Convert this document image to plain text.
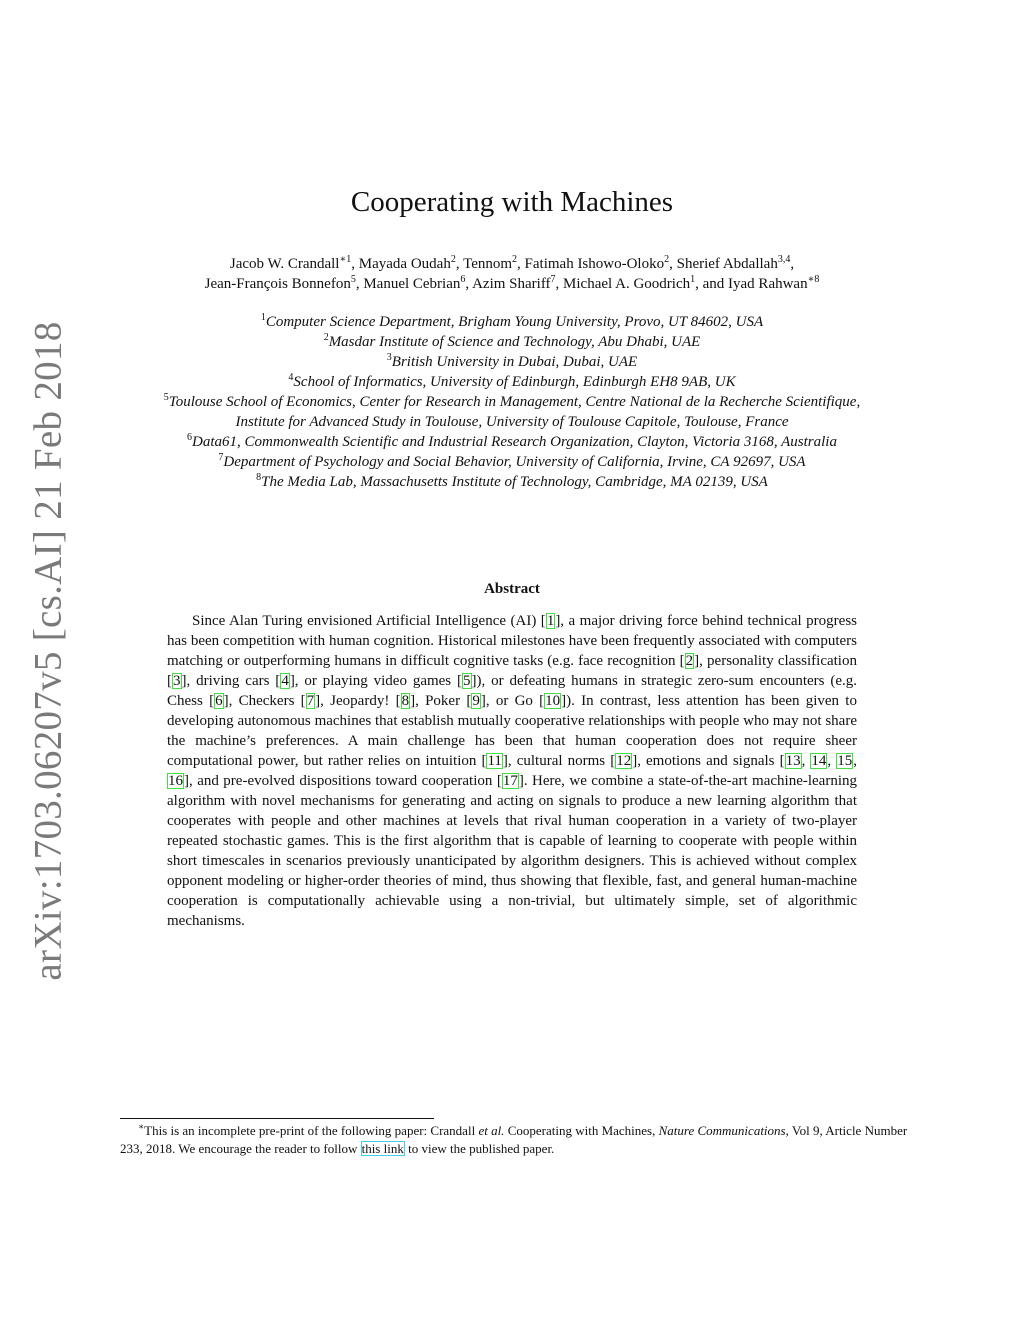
arXiv:1703.06207v5 [cs.AI] 21 Feb 2018
Cooperating with Machines
Jacob W. Crandall$^{∗1}$, Mayada Oudah$^2$, Tennom$^2$, Fatimah Ishowo-Oloko$^2$, Sherief Abdallah$^{3,4}$,
Jean-François Bonnefon$^5$, Manuel Cebrian$^6$, Azim Shariff$^7$, Michael A. Goodrich$^1$, and Iyad Rahwan$^{∗8}$
$^1$Computer Science Department, Brigham Young University, Provo, UT 84602, USA
$^2$Masdar Institute of Science and Technology, Abu Dhabi, UAE
$^3$British University in Dubai, Dubai, UAE
$^4$School of Informatics, University of Edinburgh, Edinburgh EH8 9AB, UK
$^5$Toulouse School of Economics, Center for Research in Management, Centre National de la Recherche Scientifique,
Institute for Advanced Study in Toulouse, University of Toulouse Capitole, Toulouse, France
$^6$Data61, Commonwealth Scientific and Industrial Research Organization, Clayton, Victoria 3168, Australia
$^7$Department of Psychology and Social Behavior, University of California, Irvine, CA 92697, USA
$^8$The Media Lab, Massachusetts Institute of Technology, Cambridge, MA 02139, USA
Abstract
Since Alan Turing envisioned Artificial Intelligence (AI) [1], a major driving force behind technical progress has been competition with human cognition. Historical milestones have been frequently associated with computers matching or outperforming humans in difficult cognitive tasks (e.g. face recognition [2], personality classification [3], driving cars [4], or playing video games [5]), or defeating humans in strategic zero-sum encounters (e.g. Chess [6], Checkers [7], Jeopardy! [8], Poker [9], or Go [10]). In contrast, less attention has been given to developing autonomous machines that establish mutually cooperative relationships with people who may not share the machine’s preferences. A main challenge has been that human cooperation does not require sheer computational power, but rather relies on intuition [11], cultural norms [12], emotions and signals [13, 14, 15, 16], and pre-evolved dispositions toward cooperation [17]. Here, we combine a state-of-the-art machine-learning algorithm with novel mechanisms for generating and acting on signals to produce a new learning algorithm that cooperates with people and other machines at levels that rival human cooperation in a variety of two-player repeated stochastic games. This is the first algorithm that is capable of learning to cooperate with people within short timescales in scenarios previously unanticipated by algorithm designers. This is achieved without complex opponent modeling or higher-order theories of mind, thus showing that flexible, fast, and general human-machine cooperation is computationally achievable using a non-trivial, but ultimately simple, set of algorithmic mechanisms.
∗This is an incomplete pre-print of the following paper: Crandall et al. Cooperating with Machines, Nature Communications, Vol 9, Article Number 233, 2018. We encourage the reader to follow this link to view the published paper.
